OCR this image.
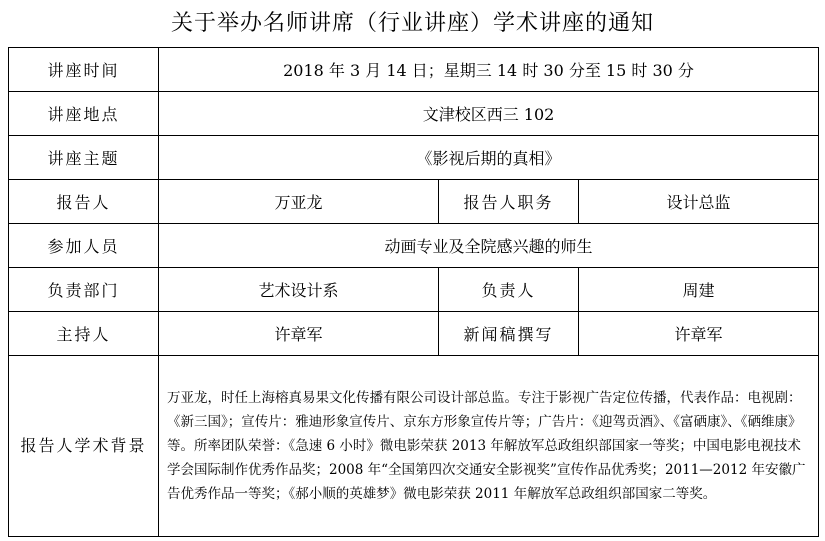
关于举办名师讲席（行业讲座）学术讲座的通知
讲座时间	2018 年 3 月 14 日；星期三 14 时 30 分至 15 时 30 分		
讲座地点	文津校区西三 102		
讲座主题	《影视后期的真相》		
报告人	万亚龙	报告人职务	设计总监
参加人员	动画专业及全院感兴趣的师生		
负责部门	艺术设计系	负责人	周建
主持人	许章军	新闻稿撰写	许章军
报告人学术背景	万亚龙，时任上海榕真易果文化传播有限公司设计部总监。专注于影视广告定位传播，代表作品：电视剧：《新三国》；宣传片：雅迪形象宣传片、京东方形象宣传片等；广告片：《迎驾贡酒》、《富硒康》、《硒维康》等。所率团队荣誉：《急速 6 小时》微电影荣获 2013 年解放军总政组织部国家一等奖；中国电影电视技术学会国际制作优秀作品奖；2008 年“全国第四次交通安全影视奖”宣传作品优秀奖；2011—2012 年安徽广告优秀作品一等奖；《郝小顺的英雄梦》微电影荣获 2011 年解放军总政组织部国家二等奖。		
